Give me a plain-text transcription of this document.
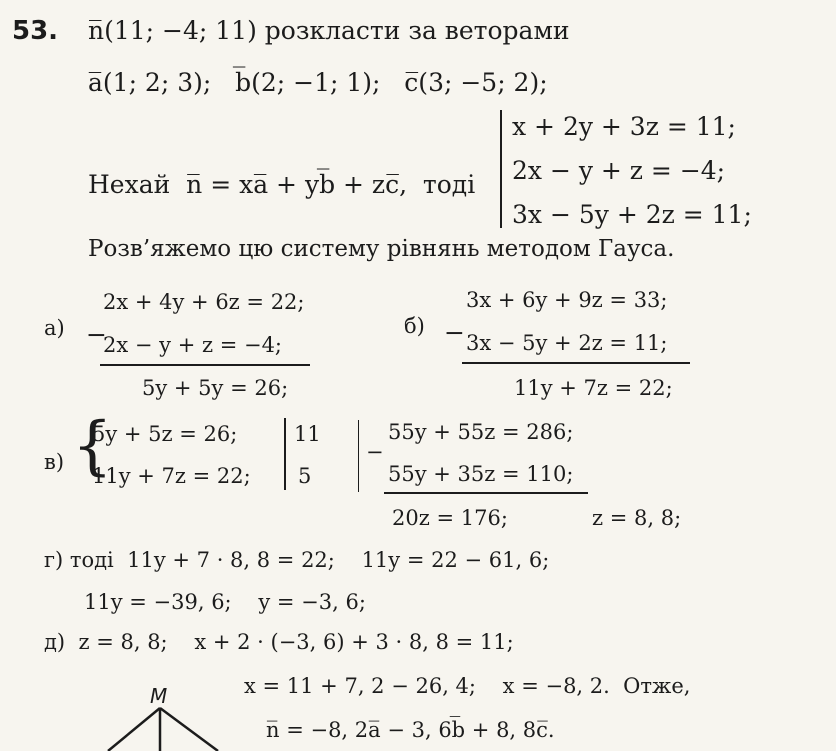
53. n̅(11; −4; 11) розкласти за веторами
a̅(1; 2; 3);   b̅(2; −1; 1);   c̅(3; −5; 2);
Нехай  n̅ = xa̅ + yb̅ + zc̅,  тоді
x + 2y + 3z = 11;
2x − y + z = −4;
3x − 5y + 2z = 11;
Розв’яжемо цю систему рівнянь методом Гауса.
а) −
2x + 4y + 6z = 22;
2x − y + z = −4;
5y + 5y = 26;
б) −
3x + 6y + 9z = 33;
3x − 5y + 2z = 11;
11y + 7z = 22;
в) {
5y + 5z = 26;
11y + 7z = 22;
11
5
−
55y + 55z = 286;
55y + 35z = 110;
20z = 176;	z = 8, 8;
г) тоді  11y + 7 · 8, 8 = 22;    11y = 22 − 61, 6;
11y = −39, 6;    y = −3, 6;
д)  z = 8, 8;    x + 2 · (−3, 6) + 3 · 8, 8 = 11;
x = 11 + 7, 2 − 26, 4;    x = −8, 2.  Отже,
n̅ = −8, 2a̅ − 3, 6b̅ + 8, 8c̅.
M
